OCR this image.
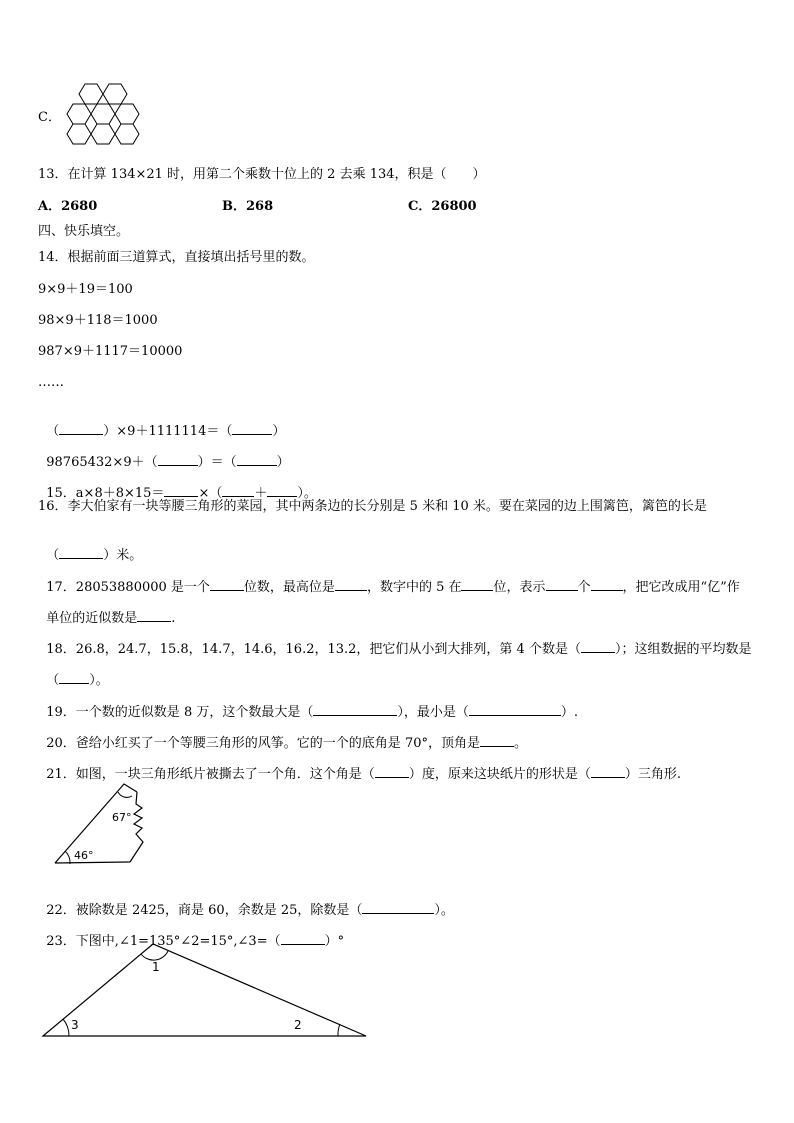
C．
13．在计算 134×21 时，用第二个乘数十位上的 2 去乘 134，积是（　　）
A．2680	B．268	C．26800
四、快乐填空。
14．根据前面三道算式，直接填出括号里的数。
9×9＋19＝100
98×9＋118＝1000
987×9＋1117＝10000
……

（	）×9＋1111114＝（	）

98765432×9＋（	）＝（	）

15．a×8＋8×15＝	×（ ＋ ）。

16．李大伯家有一块等腰三角形的菜园，其中两条边的长分别是 5 米和 10 米。要在菜园的边上围篱笆，篱笆的长是

（	）米。

17．28053880000 是一个	位数，最高位是 ，数字中的 5 在 位，表示 个 ，把它改成用“亿”作

单位的近似数是	.

18．26.8，24.7，15.8，14.7，14.6，16.2，13.2，把它们从小到大排列，第 4 个数是（	）；这组数据的平均数是

（ ）。

19．一个数的近似数是 8 万，这个数最大是（	），最小是（	）.

20．爸给小红买了一个等腰三角形的风筝。它的一个的底角是 70°，顶角是	。

21．如图，一块三角形纸片被撕去了一个角．这个角是（	）度，原来这块纸片的形状是（	）三角形.

67°
46°

22．被除数是 2425，商是 60，余数是 25，除数是（	）。

23．下图中,∠1=135°∠2=15°,∠3=（	）°

1
2
3
